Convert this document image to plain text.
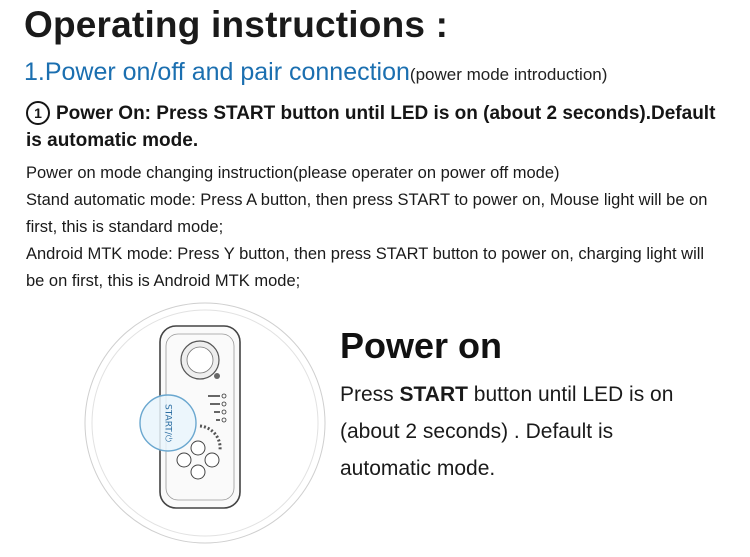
Operating instructions :
1.Power on/off and pair connection(power mode introduction)
1 Power On: Press START button until LED is on (about 2 seconds).Default is automatic mode.

Power on mode changing instruction(please operater on power off mode)

Stand automatic mode: Press A button, then press START to power on, Mouse light will be on first, this is standard mode;

Android MTK mode: Press Y button, then press START button to power on, charging light will be on first, this is Android MTK mode;

START/⏻
Power on
Press START button until LED is on (about 2 seconds) . Default is automatic mode.
